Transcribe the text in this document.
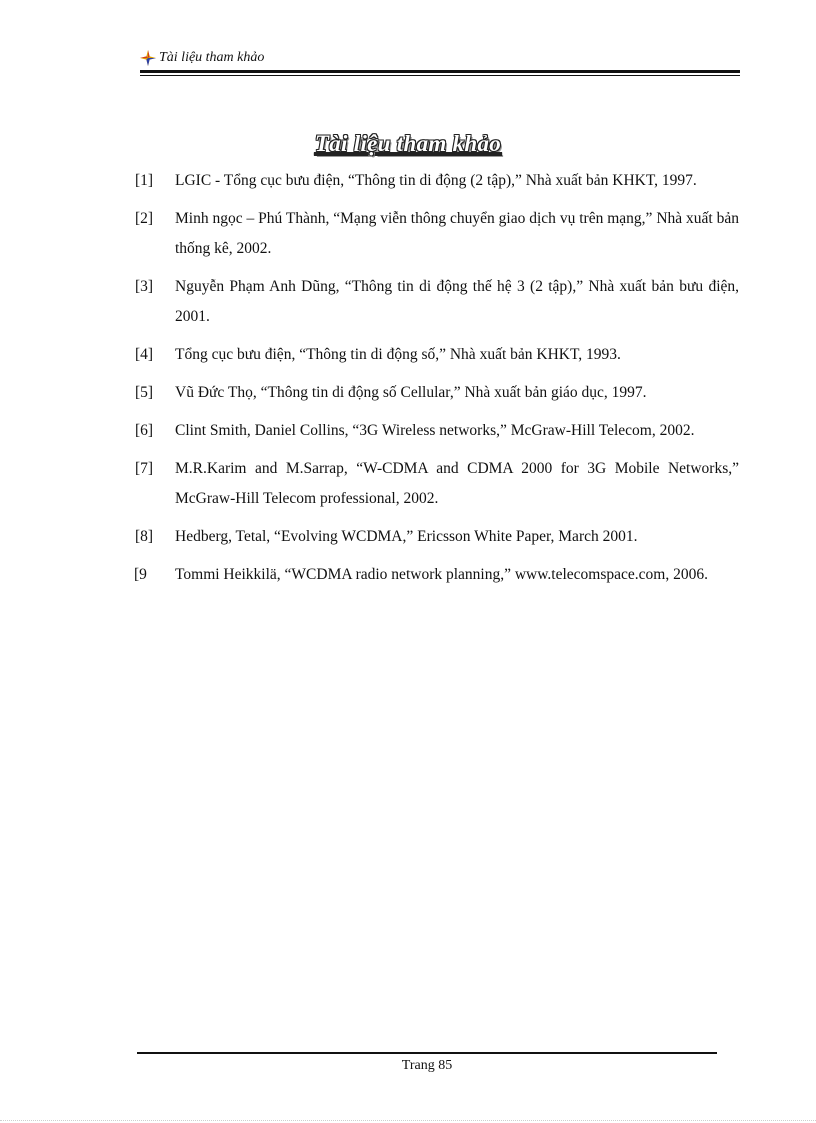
Tài liệu tham khảo
Tài liệu tham khảo
[1] LGIC - Tổng cục bưu điện, “Thông tin di động (2 tập),” Nhà xuất bản KHKT, 1997.
[2] Minh ngọc – Phú Thành, “Mạng viễn thông chuyển giao dịch vụ trên mạng,” Nhà xuất bản thống kê, 2002.
[3] Nguyễn Phạm Anh Dũng, “Thông tin di động thế hệ 3 (2 tập),” Nhà xuất bản bưu điện, 2001.
[4] Tổng cục bưu điện, “Thông tin di động số,” Nhà xuất bản KHKT, 1993.
[5] Vũ Đức Thọ, “Thông tin di động số Cellular,” Nhà xuất bản giáo dục, 1997.
[6] Clint Smith, Daniel Collins, “3G Wireless networks,” McGraw-Hill Telecom, 2002.
[7] M.R.Karim and M.Sarrap, “W-CDMA and CDMA 2000 for 3G Mobile Networks,” McGraw-Hill Telecom professional, 2002.
[8] Hedberg, Tetal, “Evolving WCDMA,” Ericsson White Paper, March 2001.
[9 Tommi Heikkilä, “WCDMA radio network planning,” www.telecomspace.com, 2006.
Trang 85
